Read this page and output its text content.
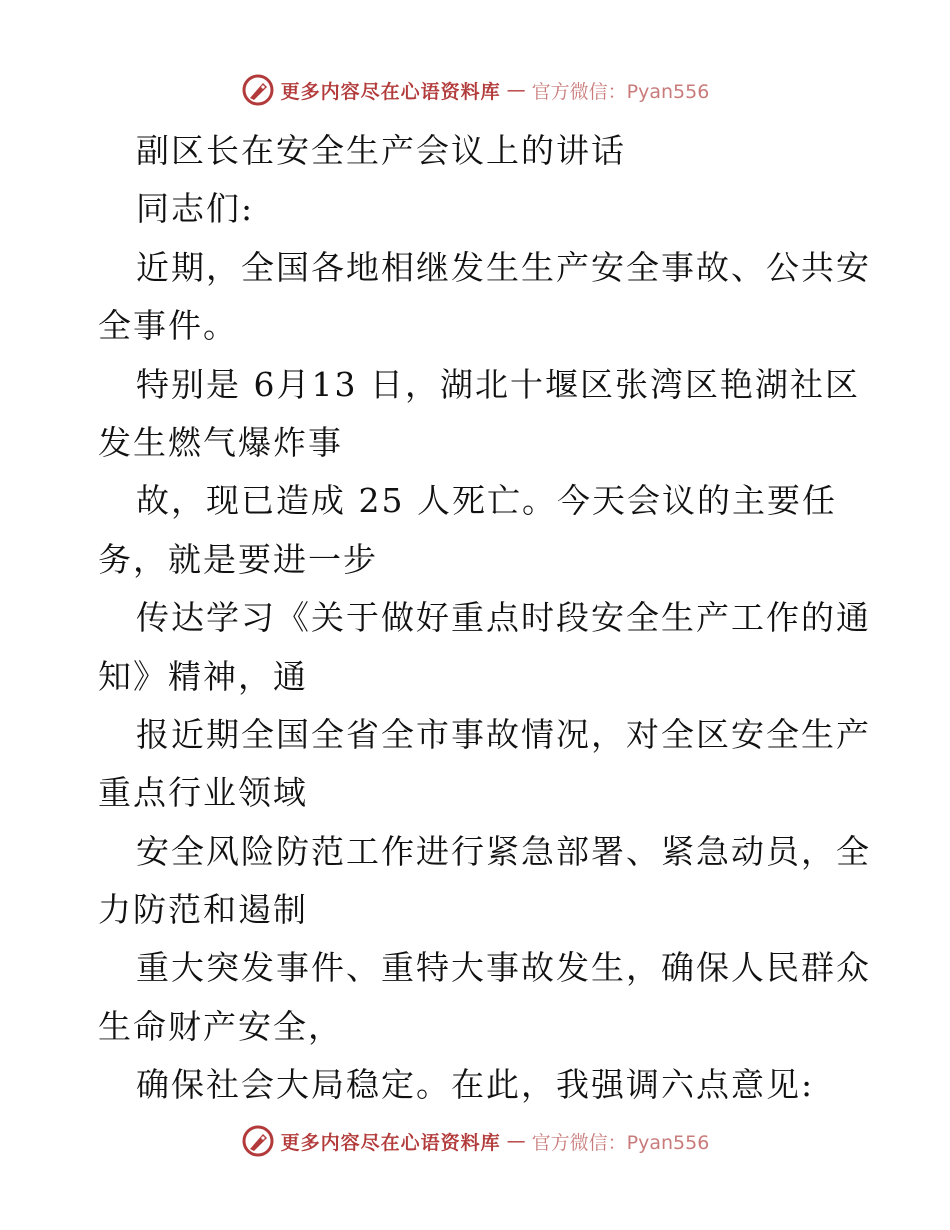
更多内容尽在心语资料库 — 官方微信：Pyan556
副区长在安全生产会议上的讲话
同志们:
近期，全国各地相继发生生产安全事故、公共安
全事件。
特别是 6月13 日，湖北十堰区张湾区艳湖社区
发生燃气爆炸事
故，现已造成 25 人死亡。今天会议的主要任
务，就是要进一步
传达学习《关于做好重点时段安全生产工作的通
知》精神，通
报近期全国全省全市事故情况，对全区安全生产
重点行业领域
安全风险防范工作进行紧急部署、紧急动员，全
力防范和遏制
重大突发事件、重特大事故发生，确保人民群众
生命财产安全，
确保社会大局稳定。在此，我强调六点意见:
更多内容尽在心语资料库 — 官方微信：Pyan556
